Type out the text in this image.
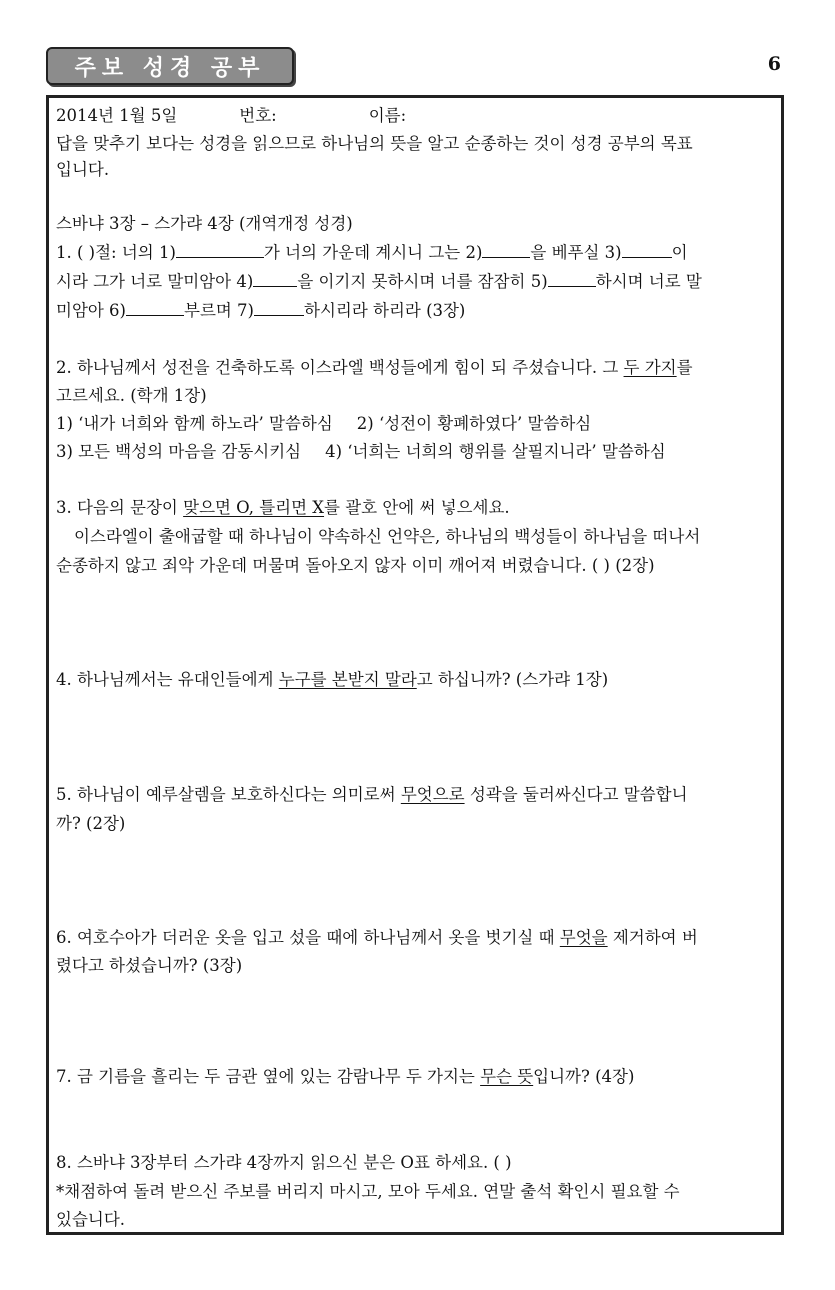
주보 성경 공부	6
2014년 1월 5일	번호:	이름:
답을 맞추기 보다는 성경을 읽으므로 하나님의 뜻을 알고 순종하는 것이 성경 공부의 목표
입니다.
스바냐 3장 – 스가랴 4장 (개역개정 성경)
1. ( )절: 너의 1)	가 너의 가운데 계시니 그는 2)	을 베푸실 3)	이
시라 그가 너로 말미암아 4)	을 이기지 못하시며 너를 잠잠히 5)	하시며 너로 말
미암아 6)	부르며 7)	하시리라 하리라 (3장)
2. 하나님께서 성전을 건축하도록 이스라엘 백성들에게 힘이 되 주셨습니다. 그 두 가지를
고르세요. (학개 1장)
1) ‘내가 너희와 함께 하노라’ 말씀하심 2) ‘성전이 황폐하였다’ 말씀하심
3) 모든 백성의 마음을 감동시키심 4) ‘너희는 너희의 행위를 살필지니라’ 말씀하심
3. 다음의 문장이 맞으면 O, 틀리면 X를 괄호 안에 써 넣으세요.
이스라엘이 출애굽할 때 하나님이 약속하신 언약은, 하나님의 백성들이 하나님을 떠나서
순종하지 않고 죄악 가운데 머물며 돌아오지 않자 이미 깨어져 버렸습니다. ( ) (2장)
4. 하나님께서는 유대인들에게 누구를 본받지 말라고 하십니까? (스가랴 1장)
5. 하나님이 예루살렘을 보호하신다는 의미로써 무엇으로 성곽을 둘러싸신다고 말씀합니
까? (2장)
6. 여호수아가 더러운 옷을 입고 섰을 때에 하나님께서 옷을 벗기실 때 무엇을 제거하여 버
렸다고 하셨습니까? (3장)
7. 금 기름을 흘리는 두 금관 옆에 있는 감람나무 두 가지는 무슨 뜻입니까? (4장)
8. 스바냐 3장부터 스가랴 4장까지 읽으신 분은 O표 하세요. ( )
*채점하여 돌려 받으신 주보를 버리지 마시고, 모아 두세요. 연말 출석 확인시 필요할 수
있습니다.
